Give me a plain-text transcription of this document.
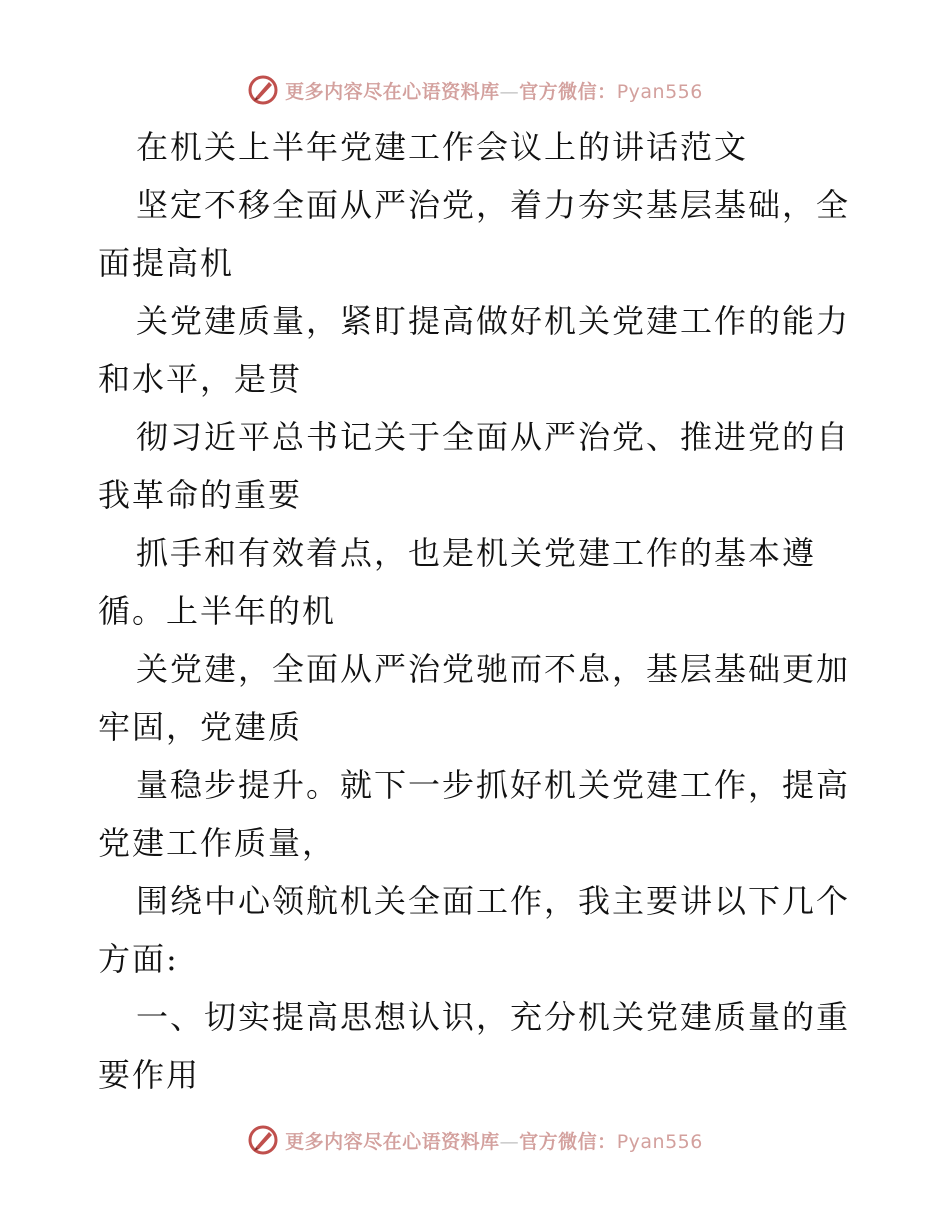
更多内容尽在心语资料库—官方微信：Pyan556

在机关上半年党建工作会议上的讲话范文

坚定不移全面从严治党，着力夯实基层基础，全
面提高机

关党建质量，紧盯提高做好机关党建工作的能力
和水平，是贯

彻习近平总书记关于全面从严治党、推进党的自
我革命的重要

抓手和有效着点，也是机关党建工作的基本遵
循。上半年的机

关党建，全面从严治党驰而不息，基层基础更加
牢固，党建质

量稳步提升。就下一步抓好机关党建工作，提高
党建工作质量，

围绕中心领航机关全面工作，我主要讲以下几个
方面:

一、切实提高思想认识，充分机关党建质量的重
要作用

更多内容尽在心语资料库—官方微信：Pyan556
